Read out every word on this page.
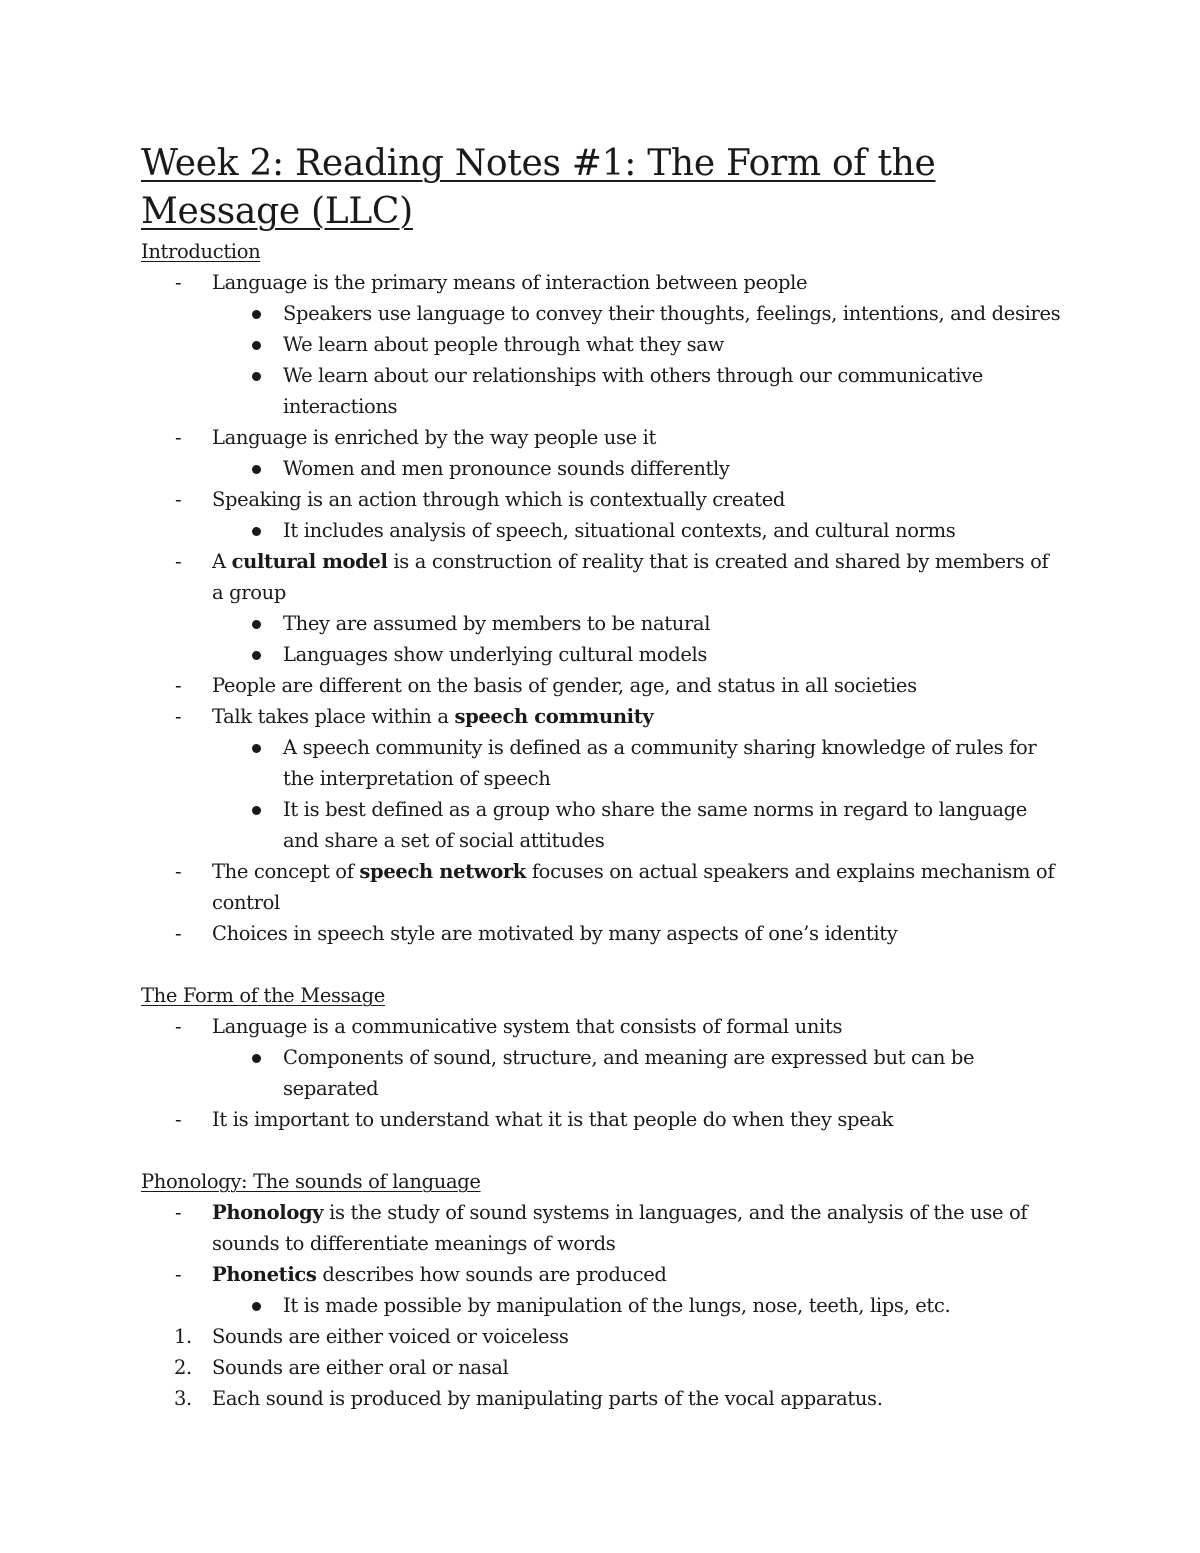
Week 2: Reading Notes #1: The Form of the Message (LLC)
Introduction
- Language is the primary means of interaction between people
Speakers use language to convey their thoughts, feelings, intentions, and desires
We learn about people through what they saw
We learn about our relationships with others through our communicative interactions
- Language is enriched by the way people use it
Women and men pronounce sounds differently
- Speaking is an action through which is contextually created
It includes analysis of speech, situational contexts, and cultural norms
- A cultural model is a construction of reality that is created and shared by members of a group
They are assumed by members to be natural
Languages show underlying cultural models
- People are different on the basis of gender, age, and status in all societies
- Talk takes place within a speech community
A speech community is defined as a community sharing knowledge of rules for the interpretation of speech
It is best defined as a group who share the same norms in regard to language and share a set of social attitudes
- The concept of speech network focuses on actual speakers and explains mechanism of control
- Choices in speech style are motivated by many aspects of one’s identity
The Form of the Message
- Language is a communicative system that consists of formal units
Components of sound, structure, and meaning are expressed but can be separated
- It is important to understand what it is that people do when they speak
Phonology: The sounds of language
- Phonology is the study of sound systems in languages, and the analysis of the use of sounds to differentiate meanings of words
- Phonetics describes how sounds are produced
It is made possible by manipulation of the lungs, nose, teeth, lips, etc.
1. Sounds are either voiced or voiceless
2. Sounds are either oral or nasal
3. Each sound is produced by manipulating parts of the vocal apparatus.
